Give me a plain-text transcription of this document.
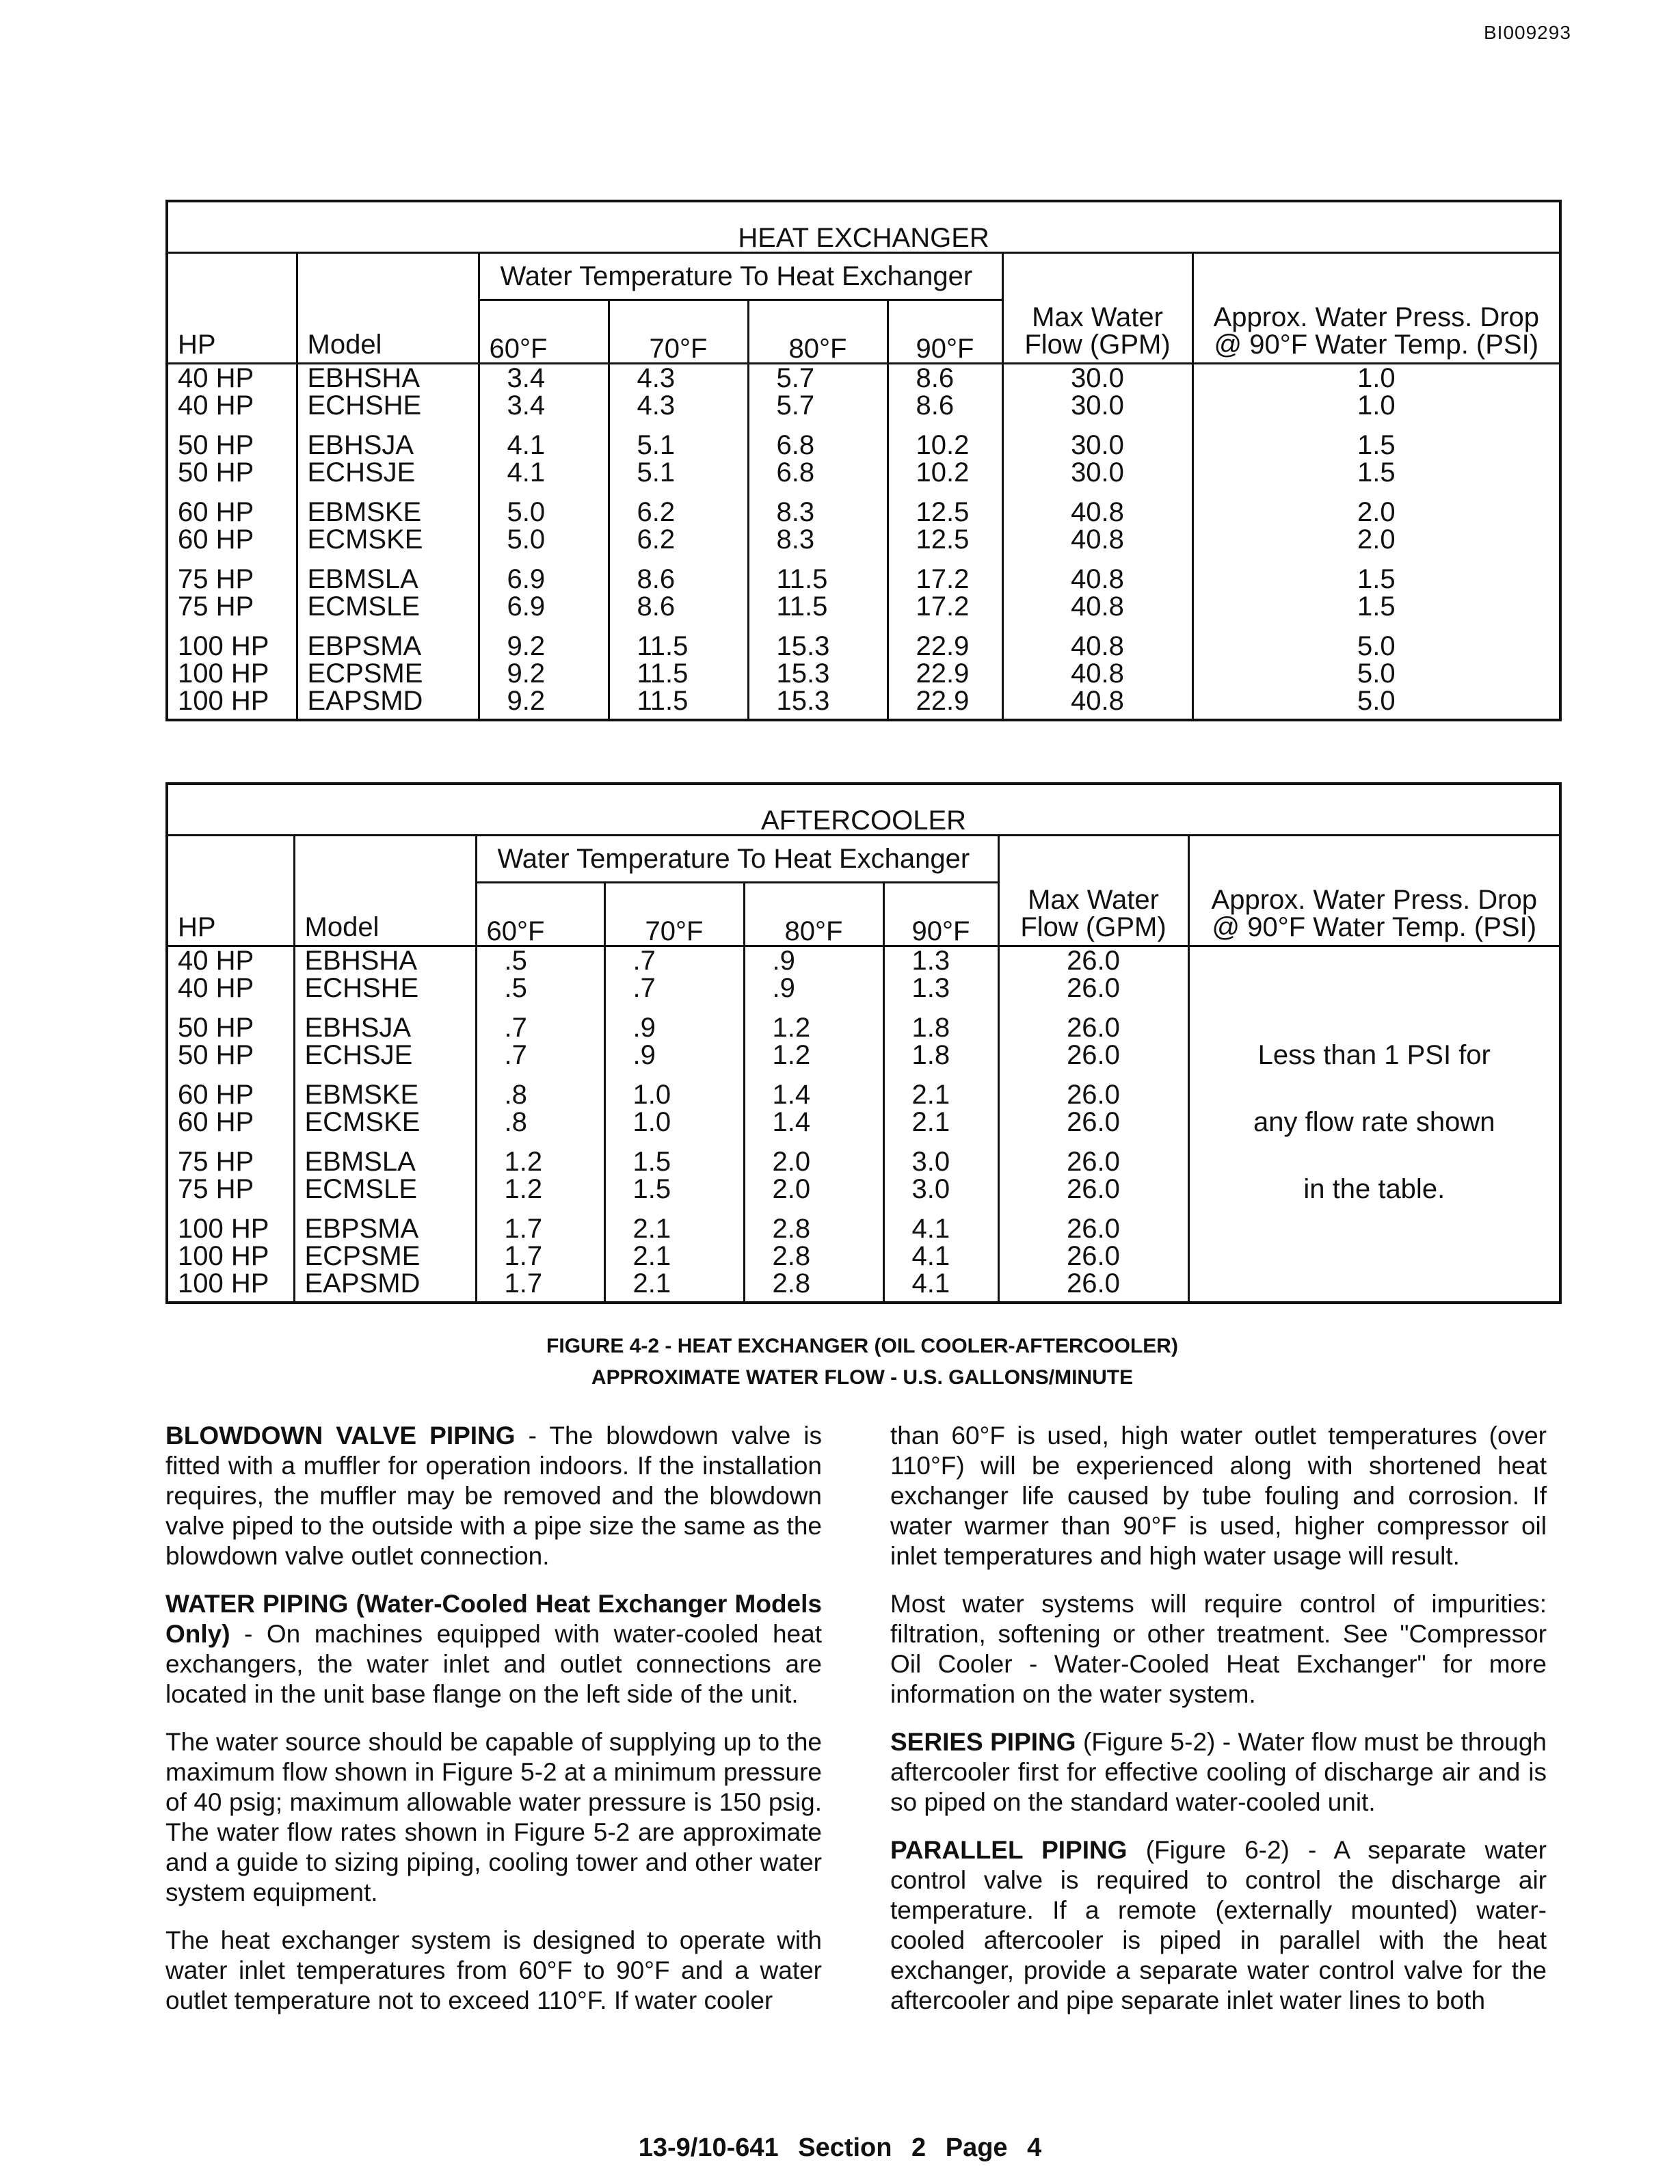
BI009293
HEAT EXCHANGER							
HP	Model	Water Temperature To Heat Exchanger				Max Water Flow (GPM)	Approx. Water Press. Drop @ 90°F Water Temp. (PSI)
		60°F	70°F	80°F	90°F		
40 HP	EBHSHA	3.4	4.3	5.7	8.6	30.0	1.0
40 HP	ECHSHE	3.4	4.3	5.7	8.6	30.0	1.0

50 HP	EBHSJA	4.1	5.1	6.8	10.2	30.0	1.5
50 HP	ECHSJE	4.1	5.1	6.8	10.2	30.0	1.5

60 HP	EBMSKE	5.0	6.2	8.3	12.5	40.8	2.0
60 HP	ECMSKE	5.0	6.2	8.3	12.5	40.8	2.0

75 HP	EBMSLA	6.9	8.6	11.5	17.2	40.8	1.5
75 HP	ECMSLE	6.9	8.6	11.5	17.2	40.8	1.5

100 HP	EBPSMA	9.2	11.5	15.3	22.9	40.8	5.0
100 HP	ECPSME	9.2	11.5	15.3	22.9	40.8	5.0
100 HP	EAPSMD	9.2	11.5	15.3	22.9	40.8	5.0

AFTERCOOLER							
HP	Model	Water Temperature To Heat Exchanger				Max Water Flow (GPM)	Approx. Water Press. Drop @ 90°F Water Temp. (PSI)
		60°F	70°F	80°F	90°F		
40 HP	EBHSHA	.5	.7	.9	1.3	26.0	Less than 1 PSI for
any flow rate shown
in the table.

40 HP	ECHSHE	.5	.7	.9	1.3	26.0	

50 HP	EBHSJA	.7	.9	1.2	1.8	26.0	
50 HP	ECHSJE	.7	.9	1.2	1.8	26.0	

60 HP	EBMSKE	.8	1.0	1.4	2.1	26.0	
60 HP	ECMSKE	.8	1.0	1.4	2.1	26.0	

75 HP	EBMSLA	1.2	1.5	2.0	3.0	26.0	
75 HP	ECMSLE	1.2	1.5	2.0	3.0	26.0	

100 HP	EBPSMA	1.7	2.1	2.8	4.1	26.0	
100 HP	ECPSME	1.7	2.1	2.8	4.1	26.0	
100 HP	EAPSMD	1.7	2.1	2.8	4.1	26.0	

FIGURE 4-2 - HEAT EXCHANGER (OIL COOLER-AFTERCOOLER)
APPROXIMATE WATER FLOW - U.S. GALLONS/MINUTE

BLOWDOWN VALVE PIPING - The blowdown valve is fitted with a muffler for operation indoors. If the installation requires, the muffler may be removed and the blowdown valve piped to the outside with a pipe size the same as the blowdown valve outlet connection.

WATER PIPING (Water-Cooled Heat Exchanger Models Only) - On machines equipped with water-cooled heat exchangers, the water inlet and outlet connections are located in the unit base flange on the left side of the unit.

The water source should be capable of supplying up to the maximum flow shown in Figure 5-2 at a minimum pressure of 40 psig; maximum allowable water pressure is 150 psig. The water flow rates shown in Figure 5-2 are approximate and a guide to sizing piping, cooling tower and other water system equipment.

The heat exchanger system is designed to operate with water inlet temperatures from 60°F to 90°F and a water outlet temperature not to exceed 110°F. If water cooler

than 60°F is used, high water outlet temperatures (over 110°F) will be experienced along with shortened heat exchanger life caused by tube fouling and corrosion. If water warmer than 90°F is used, higher compressor oil inlet temperatures and high water usage will result.

Most water systems will require control of impurities: filtration, softening or other treatment. See "Compressor Oil Cooler - Water-Cooled Heat Exchanger" for more information on the water system.

SERIES PIPING (Figure 5-2) - Water flow must be through aftercooler first for effective cooling of discharge air and is so piped on the standard water-cooled unit.

PARALLEL PIPING (Figure 6-2) - A separate water control valve is required to control the discharge air temperature. If a remote (externally mounted) water-cooled aftercooler is piped in parallel with the heat exchanger, provide a separate water control valve for the aftercooler and pipe separate inlet water lines to both

13-9/10-641 Section 2 Page 4
